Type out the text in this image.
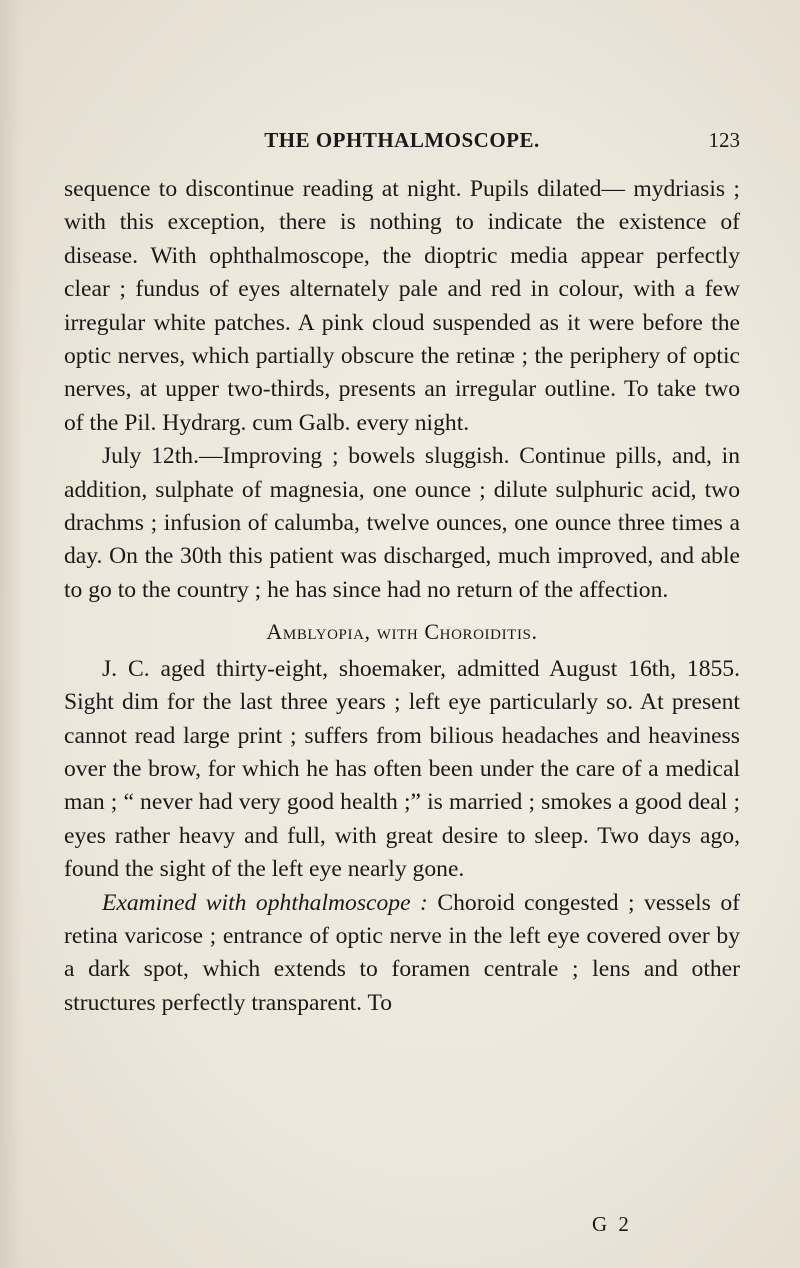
THE OPHTHALMOSCOPE.	123

sequence to discontinue reading at night. Pupils dilated— mydriasis ; with this exception, there is nothing to indicate the existence of disease. With ophthalmoscope, the dioptric media appear perfectly clear ; fundus of eyes alternately pale and red in colour, with a few irregular white patches. A pink cloud suspended as it were before the optic nerves, which partially obscure the retinæ ; the periphery of optic nerves, at upper two-thirds, presents an irregular outline. To take two of the Pil. Hydrarg. cum Galb. every night.

July 12th.—Improving ; bowels sluggish. Continue pills, and, in addition, sulphate of magnesia, one ounce ; dilute sulphuric acid, two drachms ; infusion of calumba, twelve ounces, one ounce three times a day. On the 30th this patient was discharged, much improved, and able to go to the country ; he has since had no return of the affection.

Amblyopia, with Choroiditis.

J. C. aged thirty-eight, shoemaker, admitted August 16th, 1855. Sight dim for the last three years ; left eye particularly so. At present cannot read large print ; suffers from bilious headaches and heaviness over the brow, for which he has often been under the care of a medical man ; “ never had very good health ;” is married ; smokes a good deal ; eyes rather heavy and full, with great desire to sleep. Two days ago, found the sight of the left eye nearly gone.

Examined with ophthalmoscope : Choroid congested ; vessels of retina varicose ; entrance of optic nerve in the left eye covered over by a dark spot, which extends to foramen centrale ; lens and other structures perfectly transparent. To

G 2
